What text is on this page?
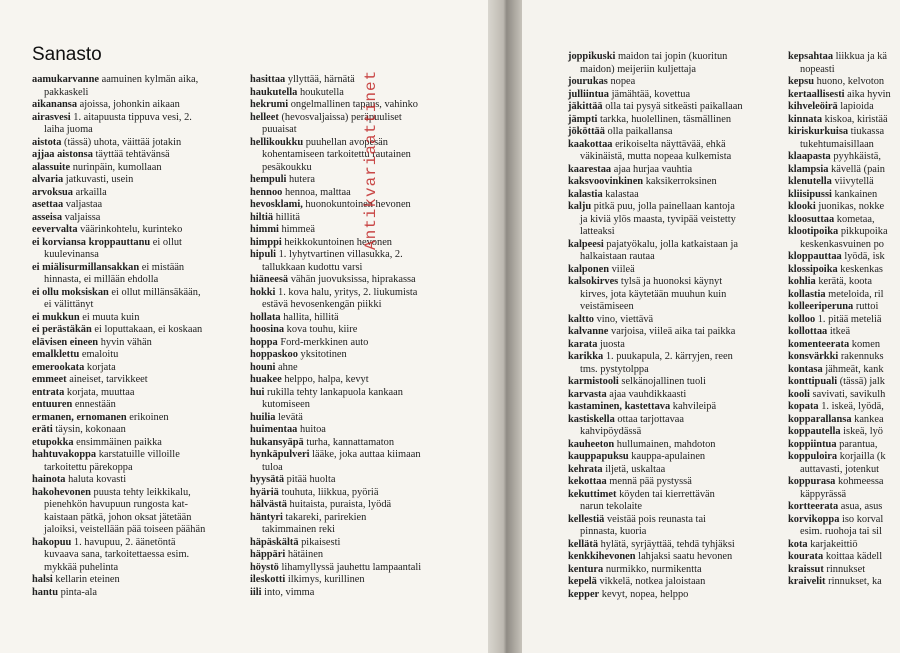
Sanasto
aamukarvanne aamuinen kylmän aika,
pakkaskeli
aikanansa ajoissa, johonkin aikaan
airasvesi 1. aitapuusta tippuva vesi, 2.
laiha juoma
aistota (tässä) uhota, väittää jotakin
ajjaa aistonsa täyttää tehtävänsä
alassuite nurinpäin, kumollaan
alvaria jatkuvasti, usein
arvoksua arkailla
asettaa valjastaa
asseisa valjaissa
eevervalta väärinkohtelu, kurinteko
ei korviansa kroppauttanu ei ollut
kuulevinansa
ei miälisurmillansakkan ei mistään
hinnasta, ei millään ehdolla
ei ollu moksiskan ei ollut millänsäkään,
ei välittänyt
ei mukkun ei muuta kuin
ei perästäkän ei loputtakaan, ei koskaan
elävisen eineen hyvin vähän
emalklettu emaloitu
emerookata korjata
emmeet aineiset, tarvikkeet
entrata korjata, muuttaa
entuuren ennestään
ermanen, ernomanen erikoinen
eräti täysin, kokonaan
etupokka ensimmäinen paikka
hahtuvakoppa karstatuille villoille
tarkoitettu pärekoppa
hainota haluta kovasti
hakohevonen puusta tehty leikkikalu,
pienehkön havupuun rungosta kat-
kaistaan pätkä, johon oksat jätetään
jaloiksi, veistellään pää toiseen päähän
hakopuu 1. havupuu, 2. äänetöntä
kuvaava sana, tarkoitettaessa esim.
mykkää puhelinta
halsi kellarin eteinen
hantu pinta-ala
hasittaa yllyttää, härnätä
haukutella houkutella
hekrumi ongelmallinen tapaus, vahinko
helleet (hevosvaljaissa) peräpuuliset
puuaisat
hellikoukku puuhellan avopesän
kohentamiseen tarkoitettu rautainen
pesäkoukku
hempuli hutera
hennoo hennoa, malttaa
hevosklami, huonokuntoinen hevonen
hiltiä hillitä
himmi himmeä
himppi heikkokuntoinen hevonen
hipuli 1. lyhytvartinen villasukka, 2.
tallukkaan kudottu varsi
hiäneesä vähän juovuksissa, hiprakassa
hokki 1. kova halu, yritys, 2. liukumista
estävä hevosenkengän piikki
hollata hallita, hillitä
hoosina kova touhu, kiire
hoppa Ford-merkkinen auto
hoppaskoo yksitotinen
houni ahne
huakee helppo, halpa, kevyt
hui rukilla tehty lankapuola kankaan
kutomiseen
huilia levätä
huimentaa huitoa
hukansyäpä turha, kannattamaton
hynkäpulveri lääke, joka auttaa kiimaan
tuloa
hyysätä pitää huolta
hyäriä touhuta, liikkua, pyöriä
hälvästä huitaista, puraista, lyödä
häntyri takareki, parirekien
takimmainen reki
häpäskältä pikaisesti
häppäri hätäinen
höystö lihamyllyssä jauhettu lampaantali
ileskotti ilkimys, kurillinen
iili into, vimma
Antikvariaattinet
joppikuski maidon tai jopin (kuoritun
maidon) meijeriin kuljettaja
jourukas nopea
julliintua jämähtää, kovettua
jäkittää olla tai pysyä sitkeästi paikallaan
jämpti tarkka, huolellinen, täsmällinen
jököttää olla paikallansa
kaakottaa erikoiselta näyttävää, ehkä
väkinäistä, mutta nopeaa kulkemista
kaarestaa ajaa hurjaa vauhtia
kaksvoovinkinen kaksikerroksinen
kalastia kalastaa
kalju pitkä puu, jolla painellaan kantoja
ja kiviä ylös maasta, tyvipää veistetty
latteaksi
kalpeesi pajatyökalu, jolla katkaistaan ja
halkaistaan rautaa
kalponen viileä
kalsokirves tylsä ja huonoksi käynyt
kirves, jota käytetään muuhun kuin
veistämiseen
kaltto vino, viettävä
kalvanne varjoisa, viileä aika tai paikka
karata juosta
karikka 1. puukapula, 2. kärryjen, reen
tms. pystytolppa
karmistooli selkänojallinen tuoli
karvasta ajaa vauhdikkaasti
kastaminen, kastettava kahvileipä
kastiskella ottaa tarjottavaa
kahvipöydässä
kauheeton hullumainen, mahdoton
kauppapuksu kauppa-apulainen
kehrata iljetä, uskaltaa
kekottaa mennä pää pystyssä
kekuttimet köyden tai kierrettävän
narun tekolaite
kellestiä veistää pois reunasta tai
pinnasta, kuoria
kellätä hylätä, syrjäyttää, tehdä tyhjäksi
kenkkihevonen lahjaksi saatu hevonen
kentura nurmikko, nurmikentta
kepelä vikkelä, notkea jaloistaan
kepper kevyt, nopea, helppo
kepsahtaa liikkua ja kä
nopeasti
kepsu huono, kelvoton
kertaallisesti aika hyvin
kihveleöirä lapioida
kinnata kiskoa, kiristää
kiriskurkuisa tiukassa
tukehtumaisillaan
klaapasta pyyhkäistä,
klampsia kävellä (pain
klenutella viivytellä
kliisipussi kankainen
klooki juonikas, nokke
kloosuttaa kometaa,
klootipoika pikkupoika
keskenkasvuinen po
kloppauttaa lyödä, isk
klossipoika keskenkas
kohlia kerätä, koota
kollastia meteloida, ril
kolleeriperuna ruttoi
kolloo 1. pitää meteliä
kollottaa itkeä
komenteerata komen
konsvärkki rakennuks
kontasa jähmeät, kank
konttipuali (tässä) jalk
kooli savivati, savikulh
kopata 1. iskeä, lyödä,
kopparallansa kankea
koppautella iskeä, lyö
koppiintua parantua,
koppuloira korjailla (k
auttavasti, jotenkut
koppurasa kohmeessa
käppyrässä
kortteerata asua, asus
korvikoppa iso korval
esim. ruohoja tai sil
kota karjakeittiö
kourata koittaa kädell
kraissut rinnukset
kraivelit rinnukset, ka
